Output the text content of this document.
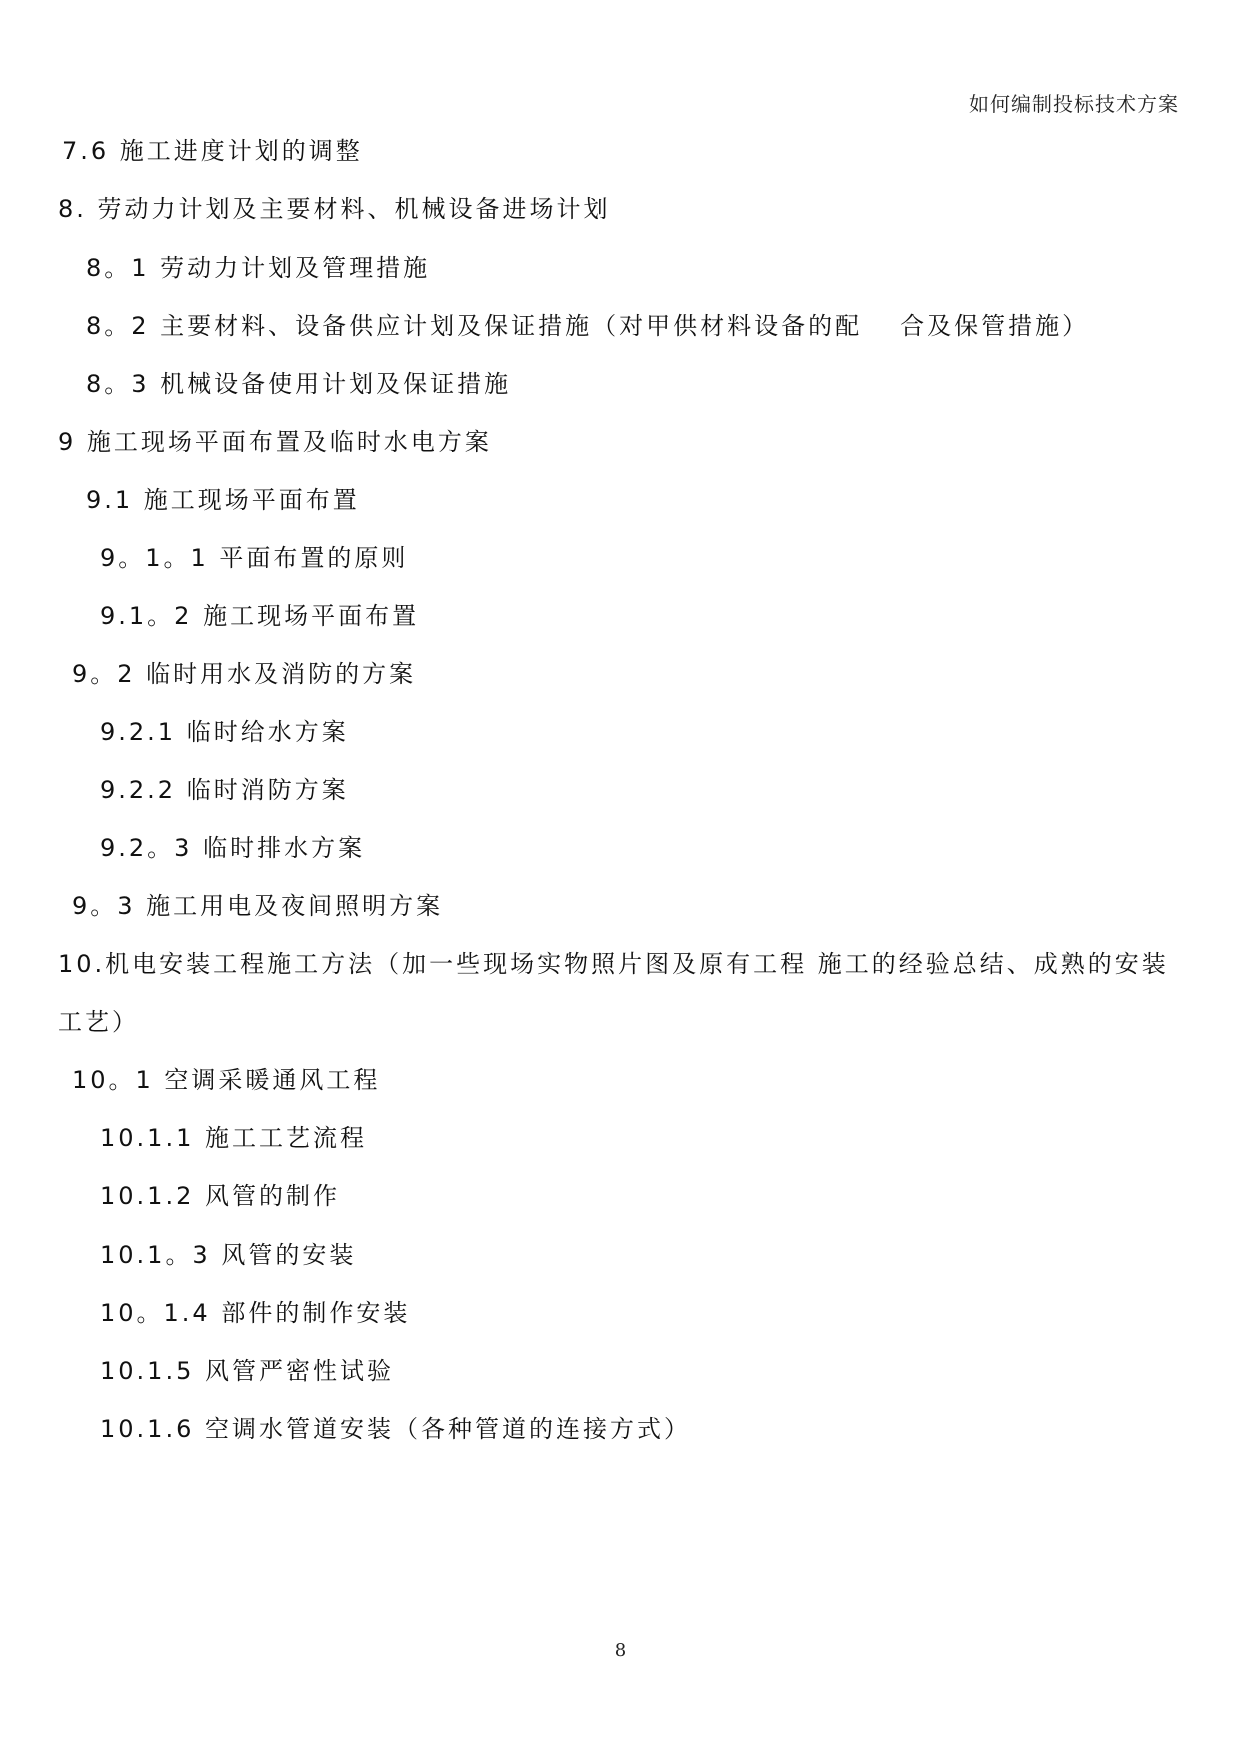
如何编制投标技术方案
7.6 施工进度计划的调整
8. 劳动力计划及主要材料、机械设备进场计划
8。1 劳动力计划及管理措施
8。2 主要材料、设备供应计划及保证措施（对甲供材料设备的配 合及保管措施）
8。3 机械设备使用计划及保证措施
9 施工现场平面布置及临时水电方案
9.1 施工现场平面布置
9。1。1 平面布置的原则
9.1。2 施工现场平面布置
9。2 临时用水及消防的方案
9.2.1 临时给水方案
9.2.2 临时消防方案
9.2。3 临时排水方案
9。3 施工用电及夜间照明方案
10.机电安装工程施工方法（加一些现场实物照片图及原有工程 施工的经验总结、成熟的安装
工艺）
10。1 空调采暖通风工程
10.1.1 施工工艺流程
10.1.2 风管的制作
10.1。3 风管的安装
10。1.4 部件的制作安装
10.1.5 风管严密性试验
10.1.6 空调水管道安装（各种管道的连接方式）
8
